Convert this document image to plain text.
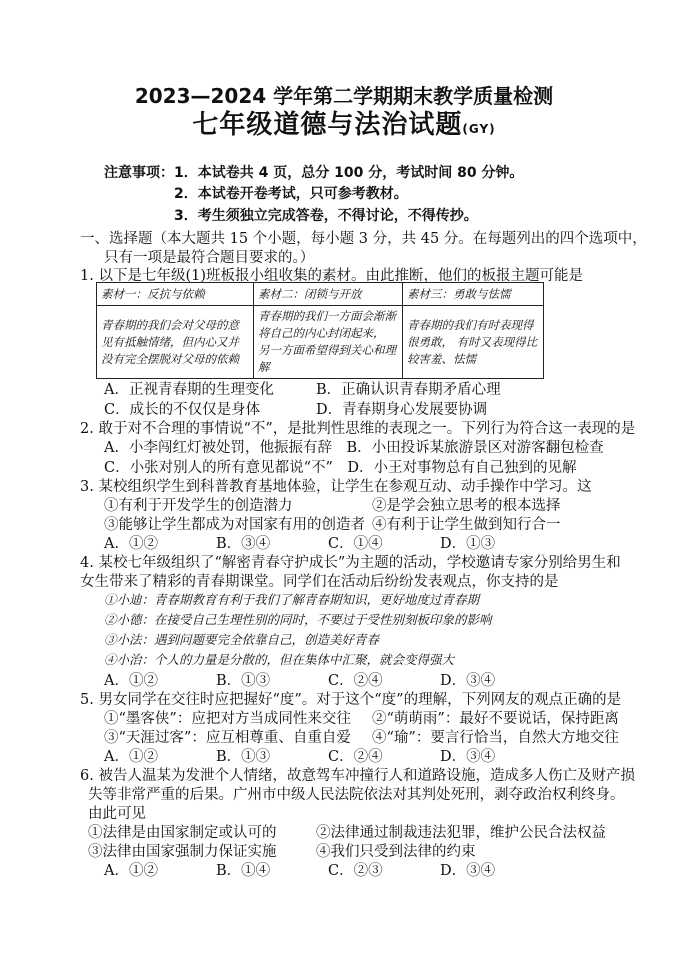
2023—2024 学年第二学期期末教学质量检测
七年级道德与法治试题(GY)
注意事项： 1．本试卷共 4 页，总分 100 分，考试时间 80 分钟。
2．本试卷开卷考试，只可参考教材。
3．考生须独立完成答卷，不得讨论，不得传抄。
一、选择题（本大题共 15 个小题，每小题 3 分，共 45 分。在每题列出的四个选项中，
只有一项是最符合题目要求的。）
1. 以下是七年级(1)班板报小组收集的素材。由此推断，他们的板报主题可能是
素材一：反抗与依赖	素材二：闭锁与开放	素材三：勇敢与怯懦
青春期的我们会对父母的意见有抵触情绪，但内心又并没有完全摆脱对父母的依赖	青春期的我们一方面会渐渐将自己的内心封闭起来， 另一方面希望得到关心和理解	青春期的我们有时表现得很勇敢， 有时又表现得比较害羞、怯懦
A．正视青春期的生理变化	B．正确认识青春期矛盾心理
C．成长的不仅仅是身体	D．青春期身心发展要协调
2. 敢于对不合理的事情说“不”，是批判性思维的表现之一。下列行为符合这一表现的是
A．小李闯红灯被处罚，他振振有辞　B．小田投诉某旅游景区对游客翻包检查
C．小张对别人的所有意见都说“不”　D．小王对事物总有自己独到的见解
3. 某校组织学生到科普教育基地体验，让学生在参观互动、动手操作中学习。这
①有利于开发学生的创造潜力	②是学会独立思考的根本选择
③能够让学生都成为对国家有用的创造者 ④有利于让学生做到知行合一
A．①②	B．③④	C．①④	D．①③
4. 某校七年级组织了“解密青春守护成长”为主题的活动，学校邀请专家分别给男生和
女生带来了精彩的青春期课堂。同学们在活动后纷纷发表观点，你支持的是
①小迪：青春期教育有利于我们了解青春期知识，更好地度过青春期
②小德：在接受自己生理性别的同时，不要过于受性别刻板印象的影响
③小法：遇到问题要完全依靠自己，创造美好青春
④小治：个人的力量是分散的，但在集体中汇聚，就会变得强大
A．①②	B．①③	C．②④	D．③④
5. 男女同学在交往时应把握好“度”。对于这个“度”的理解，下列网友的观点正确的是
①“墨客侠”：应把对方当成同性来交往 ②“萌萌雨”：最好不要说话，保持距离
③“天涯过客”：应互相尊重、自重自爱 ④“瑜”：要言行恰当，自然大方地交往
A．①②	B．①③	C．②④	D．③④
6. 被告人温某为发泄个人情绪，故意驾车冲撞行人和道路设施，造成多人伤亡及财产损
失等非常严重的后果。广州市中级人民法院依法对其判处死刑，剥夺政治权利终身。
由此可见
①法律是由国家制定或认可的	②法律通过制裁违法犯罪，维护公民合法权益
③法律由国家强制力保证实施	④我们只受到法律的约束
A．①②	B．①④	C．②③	D．③④
